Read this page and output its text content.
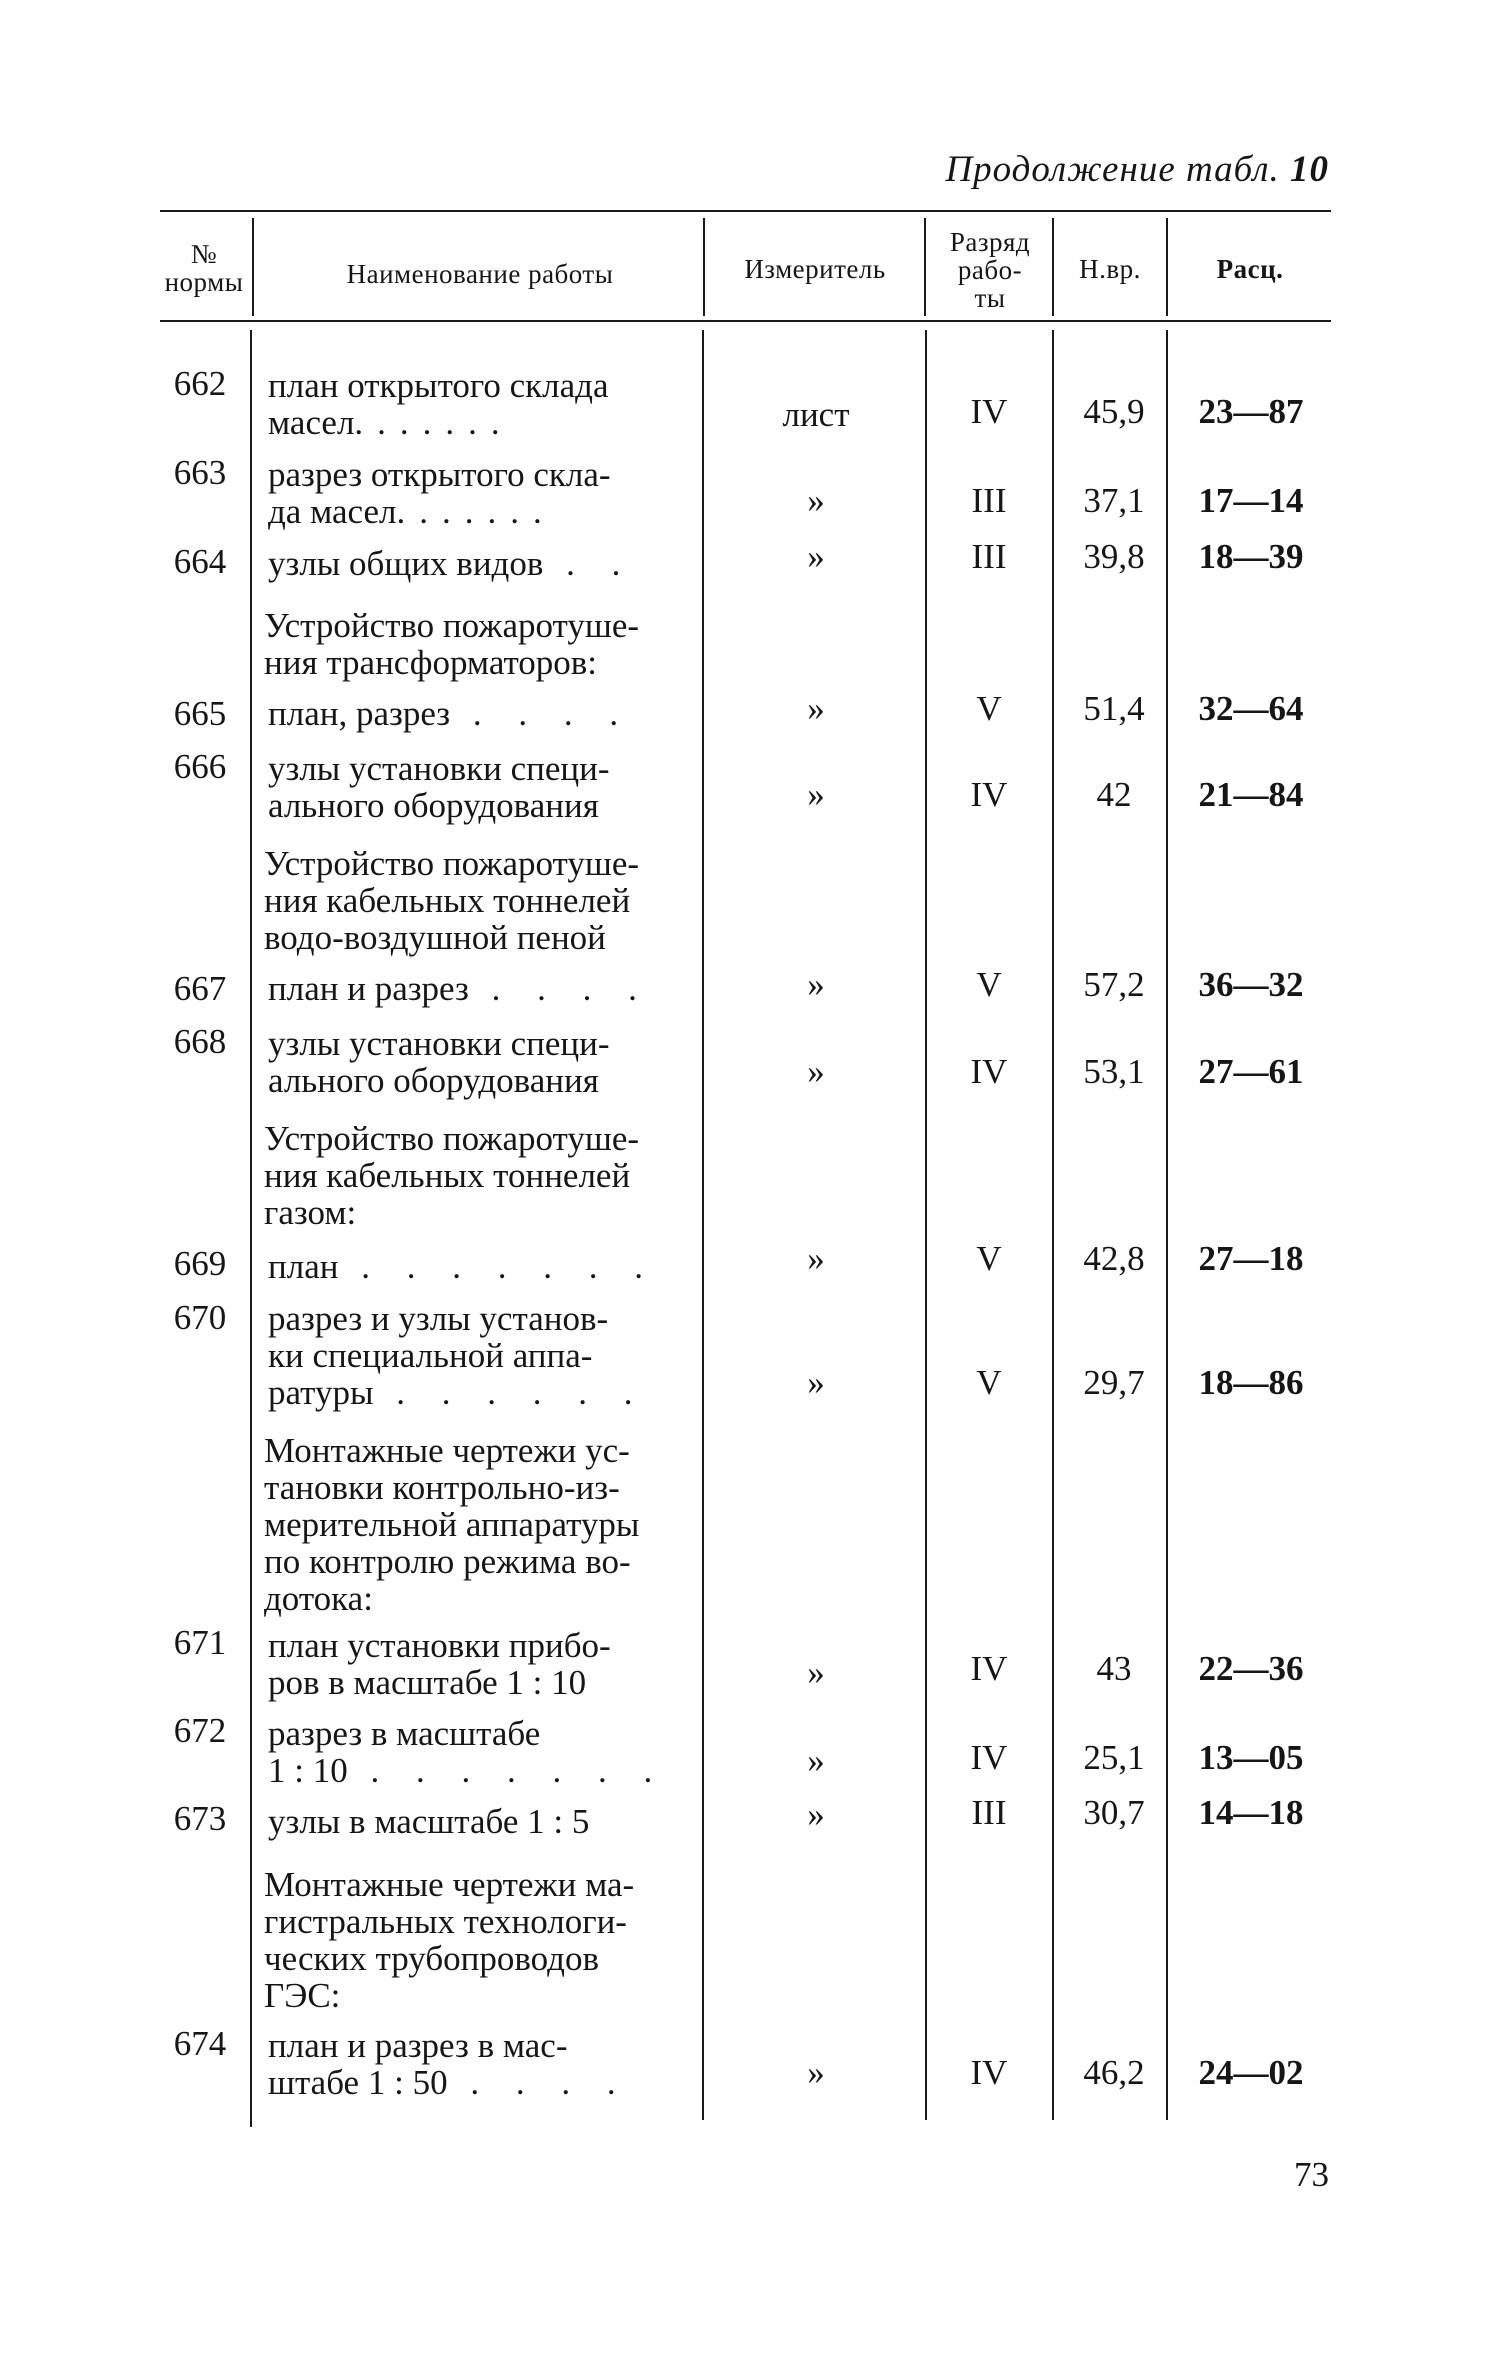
Продолжение табл. 10
№
нормы	Наименование работы	Измеритель
Разряд
рабо-
ты
Н.вр.	Расц.
662	план открытого склада
масел.......	лист	IV	45,9	23—87
663	разрез открытого скла-
да масел.......	»	III	37,1	17—14
664	узлы общих видов . .	»	III	39,8	18—39
Устройство пожаротуше-
ния трансформаторов:
665	план, разрез . . . .	»	V	51,4	32—64
666	узлы установки специ-
ального оборудования	»	IV	42	21—84
Устройство пожаротуше-
ния кабельных тоннелей
водо-воздушной пеной
667	план и разрез . . . .	»	V	57,2	36—32
668	узлы установки специ-
ального оборудования	»	IV	53,1	27—61
Устройство пожаротуше-
ния кабельных тоннелей
газом:
669	план . . . . . . .	»	V	42,8	27—18
670	разрез и узлы установ-
ки специальной аппа-
ратуры . . . . . .	»	V	29,7	18—86
Монтажные чертежи ус-
тановки контрольно-из-
мерительной аппаратуры
по контролю режима во-
дотока:
671	план установки прибо-
ров в масштабе 1 : 10	»	IV	43	22—36
672	разрез в масштабе
1 : 10 . . . . . . .	»	IV	25,1	13—05
673	узлы в масштабе 1 : 5	»	III	30,7	14—18
Монтажные чертежи ма-
гистральных технологи-
ческих трубопроводов
ГЭС:
674	план и разрез в мас-
штабе 1 : 50 . . . .	»	IV	46,2	24—02
73
